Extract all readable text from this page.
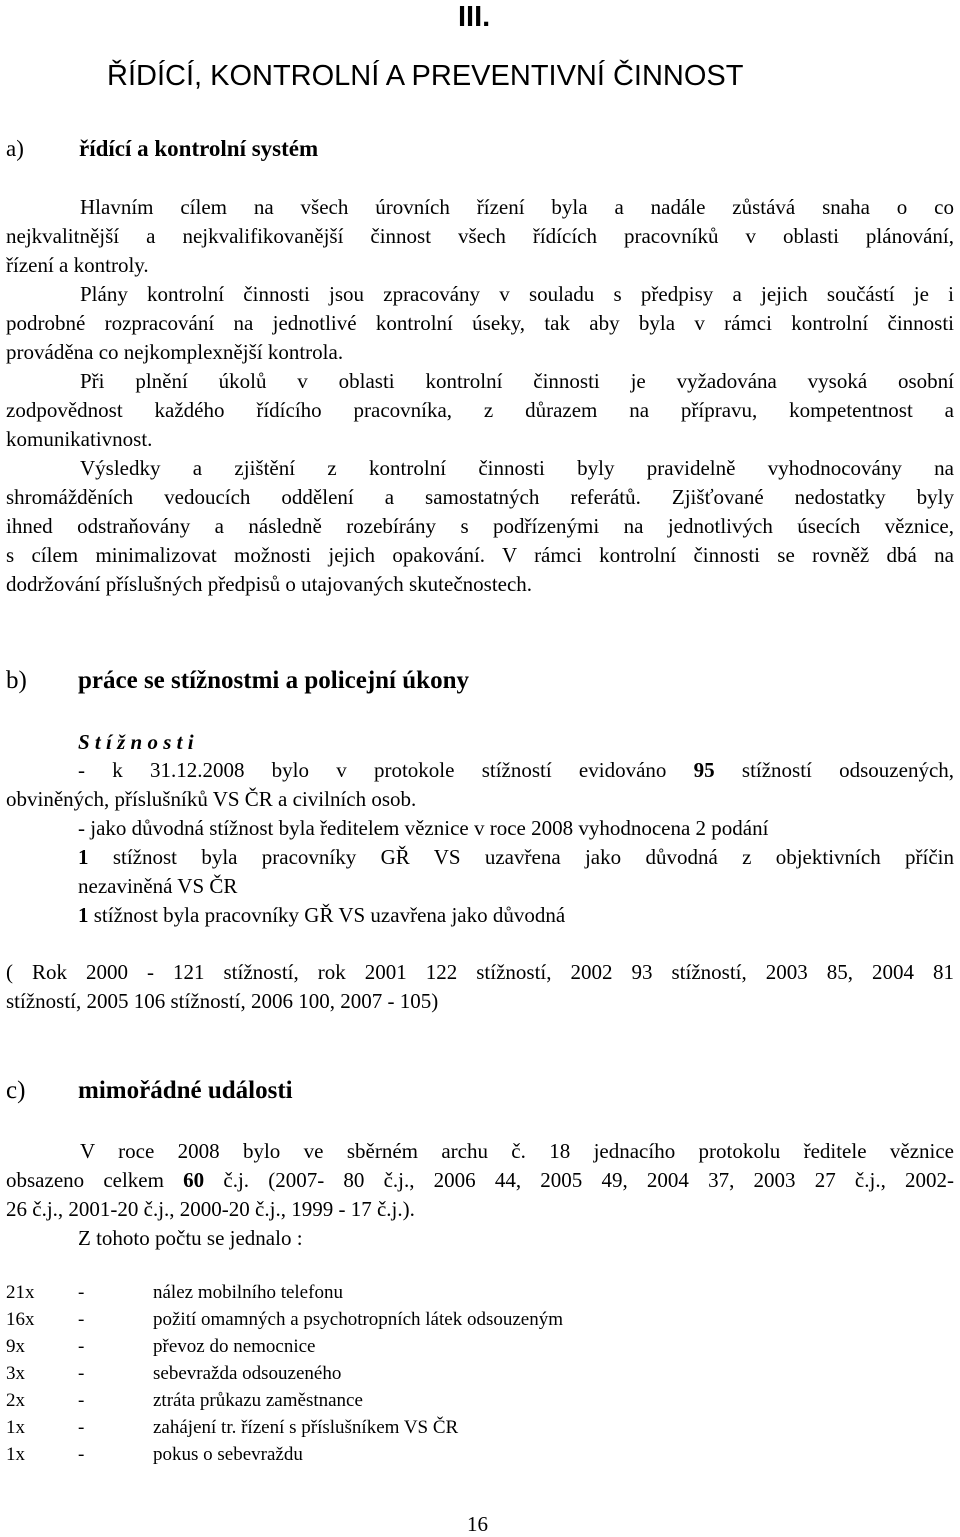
III.
ŘÍDÍCÍ, KONTROLNÍ A PREVENTIVNÍ ČINNOST
a) řídící a kontrolní systém
Hlavním cílem na všech úrovních řízení byla a nadále zůstává snaha o co
nejkvalitnější a nejkvalifikovanější činnost všech řídících pracovníků v oblasti plánování,
řízení a kontroly.
Plány kontrolní činnosti jsou zpracovány v souladu s předpisy a jejich součástí je i
podrobné rozpracování na jednotlivé kontrolní úseky, tak aby byla v rámci kontrolní činnosti
prováděna co nejkomplexnější kontrola.
Při plnění úkolů v oblasti kontrolní činnosti je vyžadována vysoká osobní
zodpovědnost každého řídícího pracovníka, z důrazem na přípravu, kompetentnost a
komunikativnost.
Výsledky a zjištění z kontrolní činnosti byly pravidelně vyhodnocovány na
shromážděních vedoucích oddělení a samostatných referátů. Zjišťované nedostatky byly
ihned odstraňovány a následně rozebírány s podřízenými na jednotlivých úsecích věznice,
s cílem minimalizovat možnosti jejich opakování. V rámci kontrolní činnosti se rovněž dbá na
dodržování příslušných předpisů o utajovaných skutečnostech.
b) práce se stížnostmi a policejní úkony
S t í ž n o s t i
- k 31.12.2008 bylo v protokole stížností evidováno 95 stížností odsouzených,
obviněných, příslušníků VS ČR a civilních osob.
- jako důvodná stížnost byla ředitelem věznice v roce 2008 vyhodnocena 2 podání
1 stížnost byla pracovníky GŘ VS uzavřena jako důvodná z objektivních příčin
nezaviněná VS ČR
1 stížnost byla pracovníky GŘ VS uzavřena jako důvodná
( Rok 2000 - 121 stížností, rok 2001 122 stížností, 2002 93 stížností, 2003 85, 2004 81
stížností, 2005 106 stížností, 2006 100, 2007 - 105)
c) mimořádné události
V roce 2008 bylo ve sběrném archu č. 18 jednacího protokolu ředitele věznice
obsazeno celkem 60 č.j. (2007- 80 č.j., 2006 44, 2005 49, 2004 37, 2003 27 č.j., 2002-
26 č.j., 2001-20 č.j., 2000-20 č.j., 1999 - 17 č.j.).
Z tohoto počtu se jednalo :
21x -	nález mobilního telefonu
16x -	požití omamných a psychotropních látek odsouzeným
9x	-	převoz do nemocnice
3x	-	sebevražda odsouzeného
2x	-	ztráta průkazu zaměstnance
1x	-	zahájení tr. řízení s příslušníkem VS ČR
1x	-	pokus o sebevraždu
16
